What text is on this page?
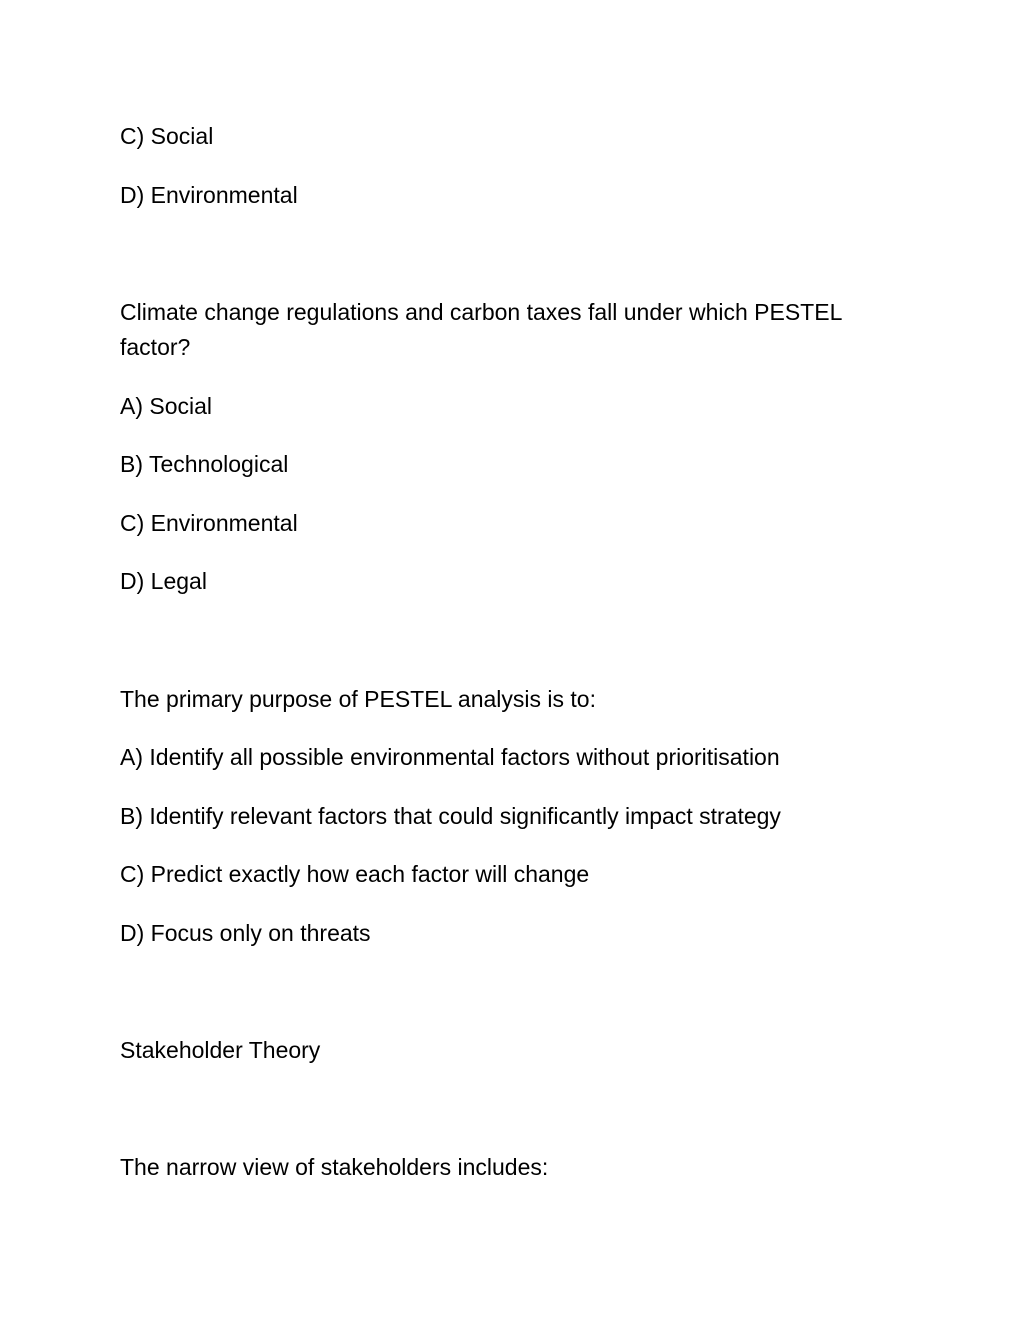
C) Social
D) Environmental
Climate change regulations and carbon taxes fall under which PESTEL factor?
A) Social
B) Technological
C) Environmental
D) Legal
The primary purpose of PESTEL analysis is to:
A) Identify all possible environmental factors without prioritisation
B) Identify relevant factors that could significantly impact strategy
C) Predict exactly how each factor will change
D) Focus only on threats
Stakeholder Theory
The narrow view of stakeholders includes:
